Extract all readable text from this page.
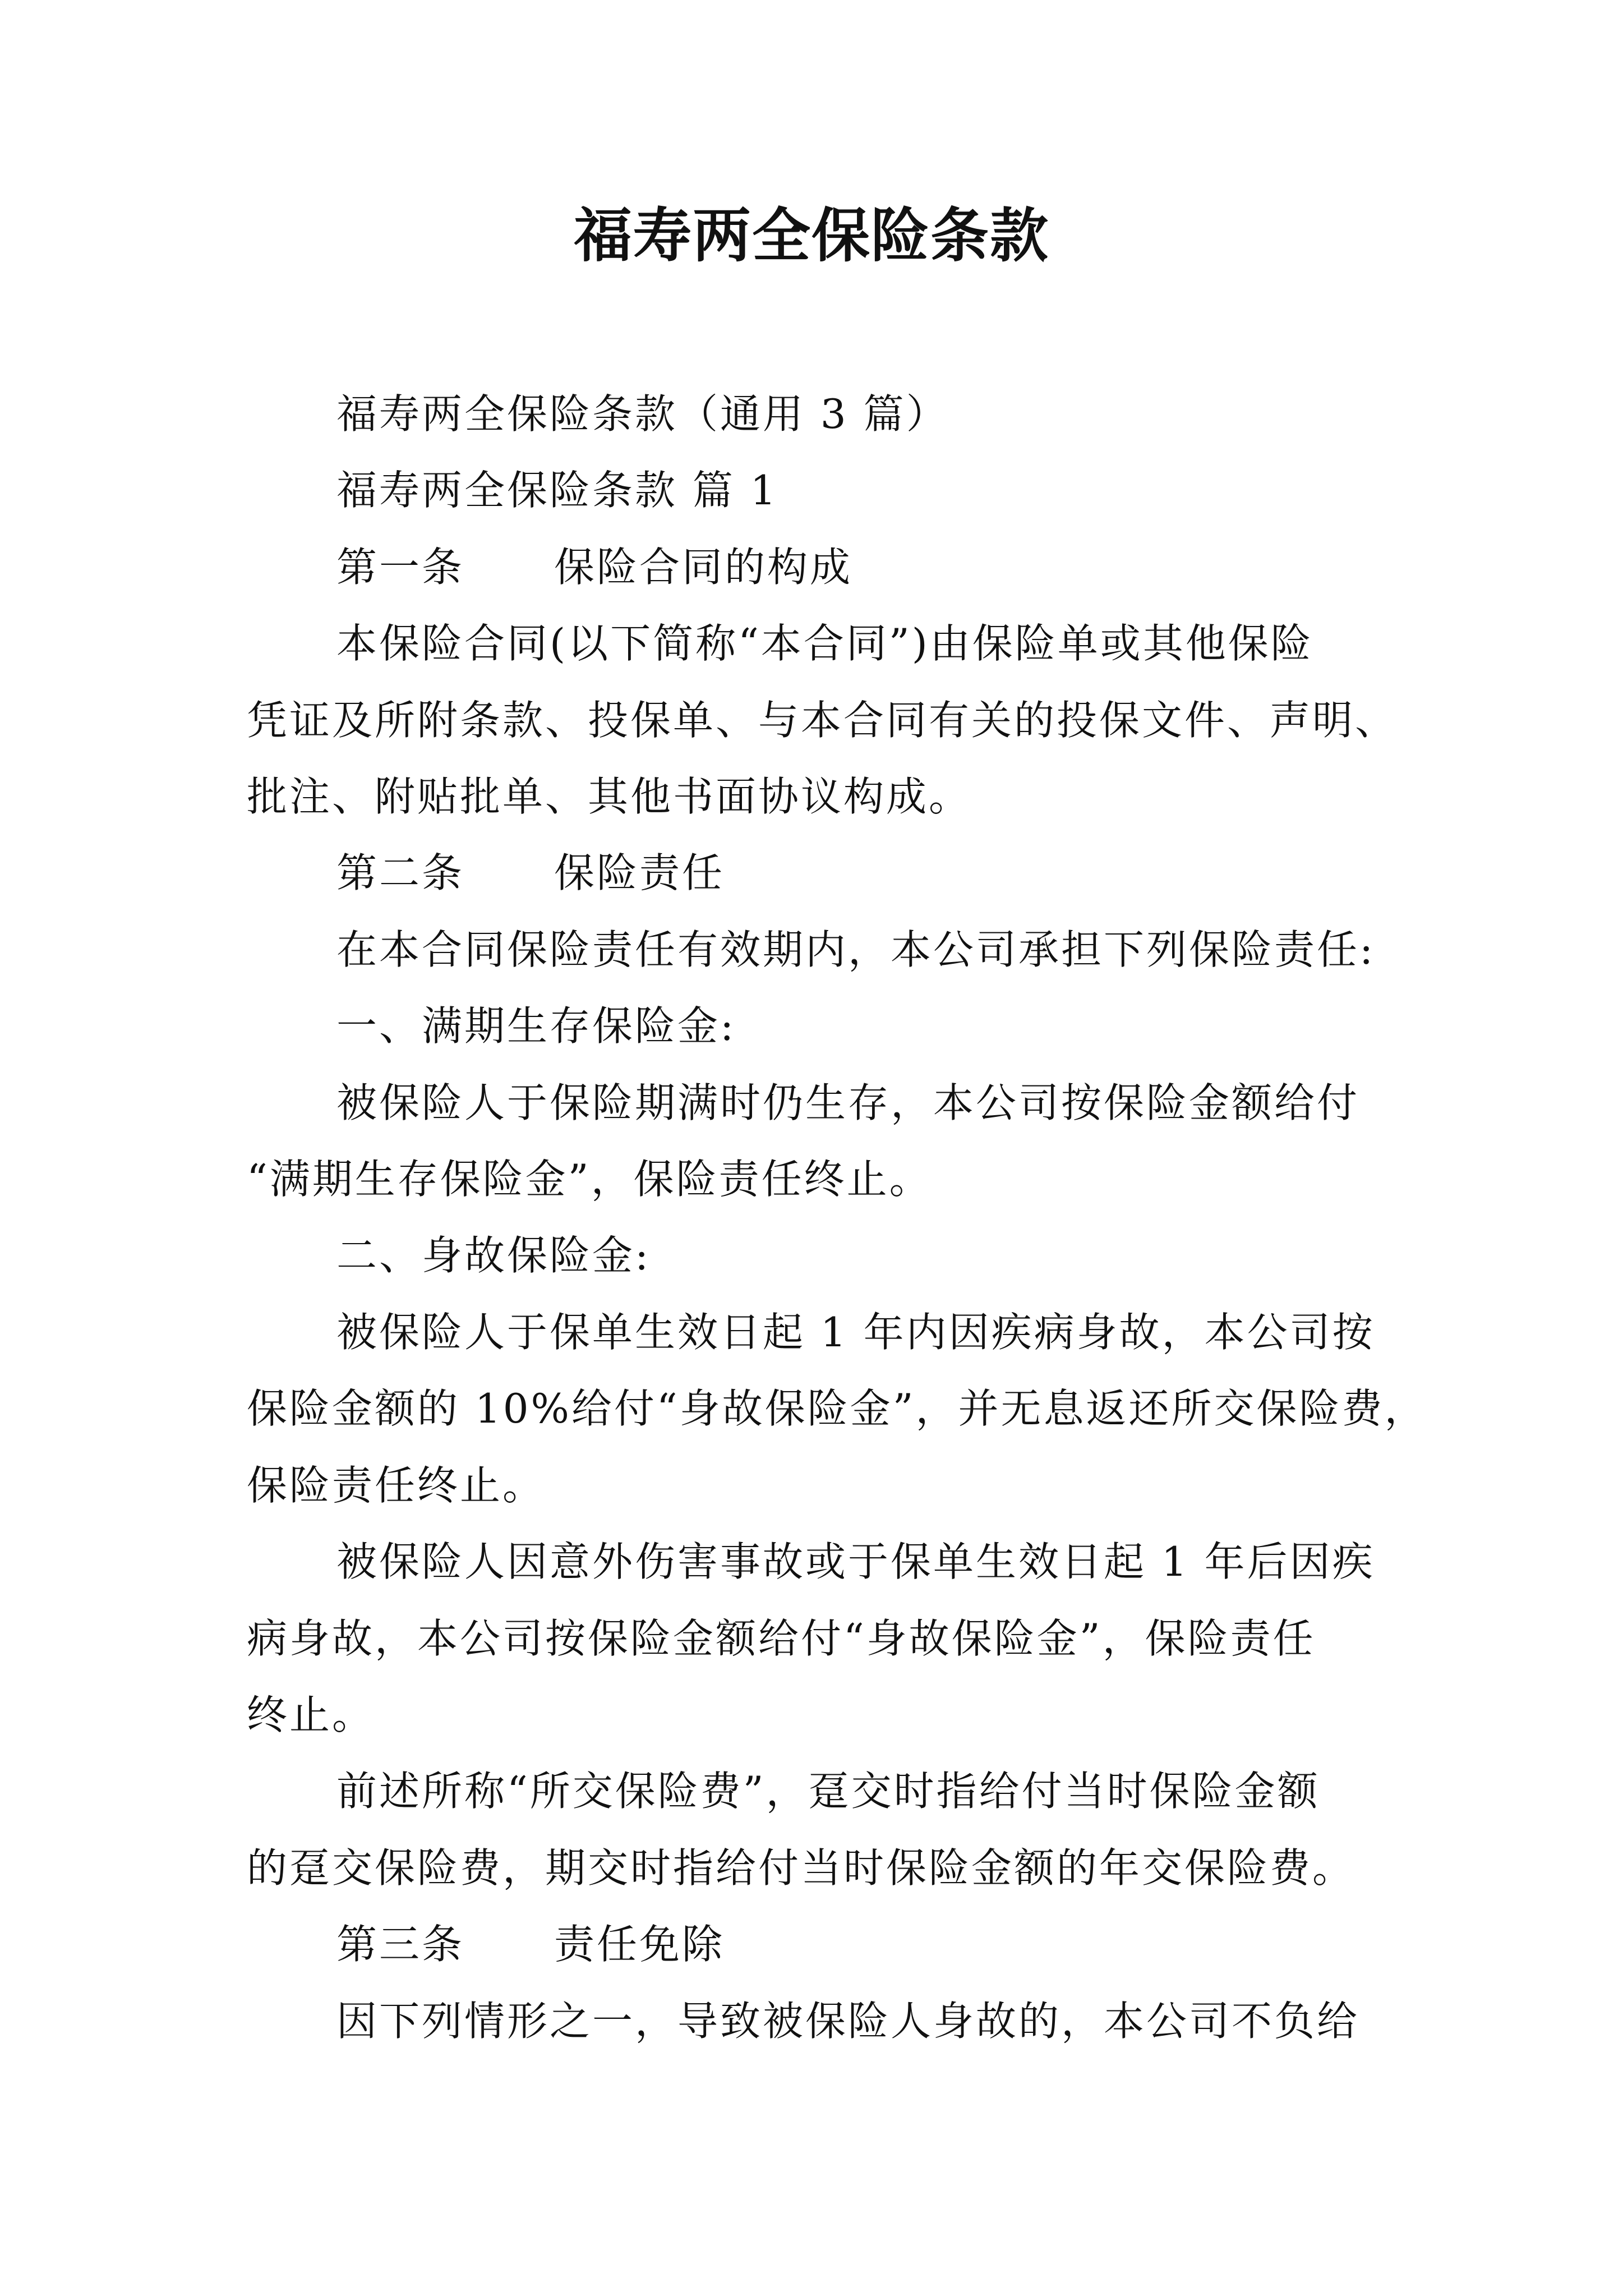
福寿两全保险条款

福寿两全保险条款（通用 3 篇）

福寿两全保险条款 篇 1

第一条 保险合同的构成

本保险合同(以下简称“本合同”)由保险单或其他保险

凭证及所附条款、投保单、与本合同有关的投保文件、声明、

批注、附贴批单、其他书面协议构成。

第二条 保险责任

在本合同保险责任有效期内，本公司承担下列保险责任:

一、满期生存保险金:

被保险人于保险期满时仍生存，本公司按保险金额给付

“满期生存保险金”，保险责任终止。

二、身故保险金:

被保险人于保单生效日起 1 年内因疾病身故，本公司按

保险金额的 10%给付“身故保险金”，并无息返还所交保险费，

保险责任终止。

被保险人因意外伤害事故或于保单生效日起 1 年后因疾

病身故，本公司按保险金额给付“身故保险金”，保险责任

终止。

前述所称“所交保险费”，趸交时指给付当时保险金额

的趸交保险费，期交时指给付当时保险金额的年交保险费。

第三条 责任免除

因下列情形之一，导致被保险人身故的，本公司不负给
